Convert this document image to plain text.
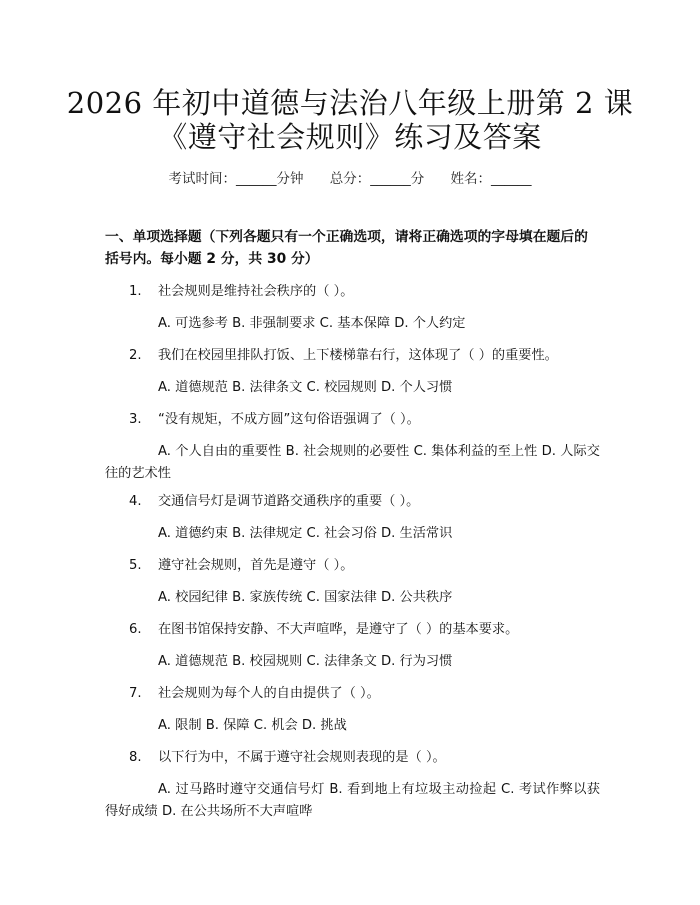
2026 年初中道德与法治八年级上册第 2 课
《遵守社会规则》练习及答案
考试时间：______分钟 总分：______分 姓名：______
一、单项选择题（下列各题只有一个正确选项，请将正确选项的字母填在题后的括号内。每小题 2 分，共 30 分）
1. 社会规则是维持社会秩序的（ ）。
A. 可选参考 B. 非强制要求 C. 基本保障 D. 个人约定
2. 我们在校园里排队打饭、上下楼梯靠右行，这体现了（ ）的重要性。
A. 道德规范 B. 法律条文 C. 校园规则 D. 个人习惯
3. “没有规矩，不成方圆”这句俗语强调了（ ）。
A. 个人自由的重要性 B. 社会规则的必要性 C. 集体利益的至上性 D. 人际交往的艺术性
4. 交通信号灯是调节道路交通秩序的重要（ ）。
A. 道德约束 B. 法律规定 C. 社会习俗 D. 生活常识
5. 遵守社会规则，首先是遵守（ ）。
A. 校园纪律 B. 家族传统 C. 国家法律 D. 公共秩序
6. 在图书馆保持安静、不大声喧哗，是遵守了（ ）的基本要求。
A. 道德规范 B. 校园规则 C. 法律条文 D. 行为习惯
7. 社会规则为每个人的自由提供了（ ）。
A. 限制 B. 保障 C. 机会 D. 挑战
8. 以下行为中，不属于遵守社会规则表现的是（ ）。
A. 过马路时遵守交通信号灯 B. 看到地上有垃圾主动捡起 C. 考试作弊以获得好成绩 D. 在公共场所不大声喧哗
